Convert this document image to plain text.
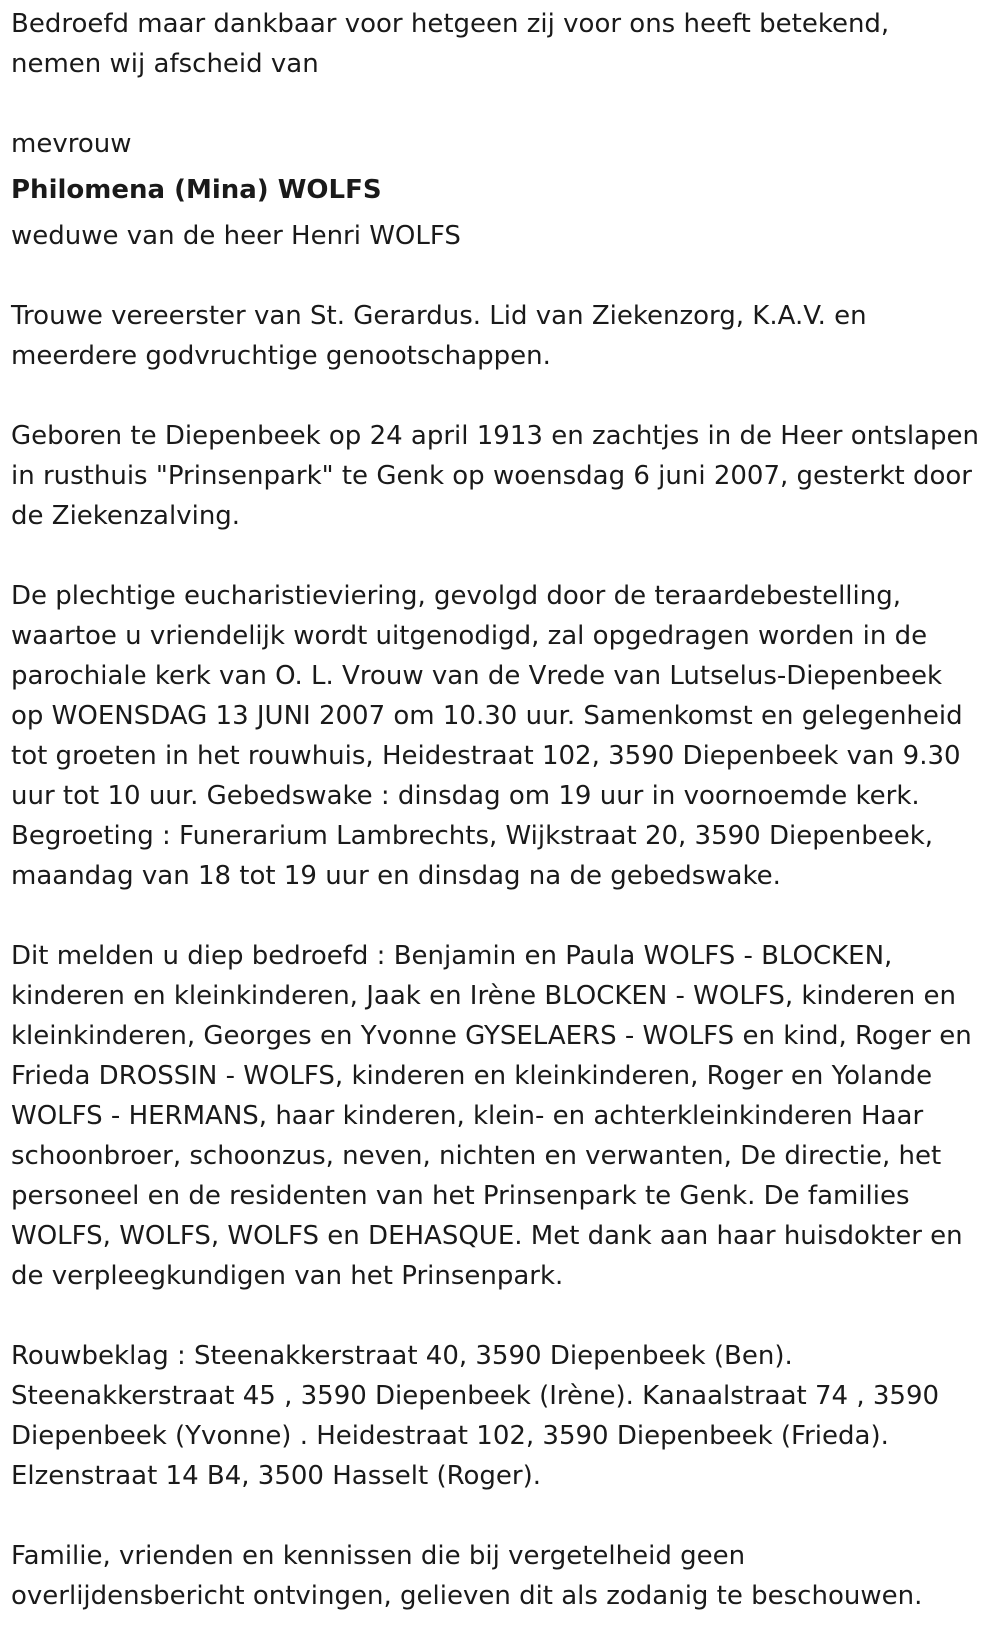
Bedroefd maar dankbaar voor hetgeen zij voor ons heeft betekend,
nemen wij afscheid van

mevrouw

Philomena (Mina) WOLFS

weduwe van de heer Henri WOLFS

Trouwe vereerster van St. Gerardus. Lid van Ziekenzorg, K.A.V. en
meerdere godvruchtige genootschappen.

Geboren te Diepenbeek op 24 april 1913 en zachtjes in de Heer ontslapen
in rusthuis "Prinsenpark" te Genk op woensdag 6 juni 2007, gesterkt door
de Ziekenzalving.

De plechtige eucharistieviering, gevolgd door de teraardebestelling,
waartoe u vriendelijk wordt uitgenodigd, zal opgedragen worden in de
parochiale kerk van O. L. Vrouw van de Vrede van Lutselus-Diepenbeek
op WOENSDAG 13 JUNI 2007 om 10.30 uur. Samenkomst en gelegenheid
tot groeten in het rouwhuis, Heidestraat 102, 3590 Diepenbeek van 9.30
uur tot 10 uur. Gebedswake : dinsdag om 19 uur in voornoemde kerk.
Begroeting : Funerarium Lambrechts, Wijkstraat 20, 3590 Diepenbeek,
maandag van 18 tot 19 uur en dinsdag na de gebedswake.

Dit melden u diep bedroefd : Benjamin en Paula WOLFS - BLOCKEN,
kinderen en kleinkinderen, Jaak en Irène BLOCKEN - WOLFS, kinderen en
kleinkinderen, Georges en Yvonne GYSELAERS - WOLFS en kind, Roger en
Frieda DROSSIN - WOLFS, kinderen en kleinkinderen, Roger en Yolande
WOLFS - HERMANS, haar kinderen, klein- en achterkleinkinderen Haar
schoonbroer, schoonzus, neven, nichten en verwanten, De directie, het
personeel en de residenten van het Prinsenpark te Genk. De families
WOLFS, WOLFS, WOLFS en DEHASQUE. Met dank aan haar huisdokter en
de verpleegkundigen van het Prinsenpark.

Rouwbeklag : Steenakkerstraat 40, 3590 Diepenbeek (Ben).
Steenakkerstraat 45 , 3590 Diepenbeek (Irène). Kanaalstraat 74 , 3590
Diepenbeek (Yvonne) . Heidestraat 102, 3590 Diepenbeek (Frieda).
Elzenstraat 14 B4, 3500 Hasselt (Roger).

Familie, vrienden en kennissen die bij vergetelheid geen
overlijdensbericht ontvingen, gelieven dit als zodanig te beschouwen.
